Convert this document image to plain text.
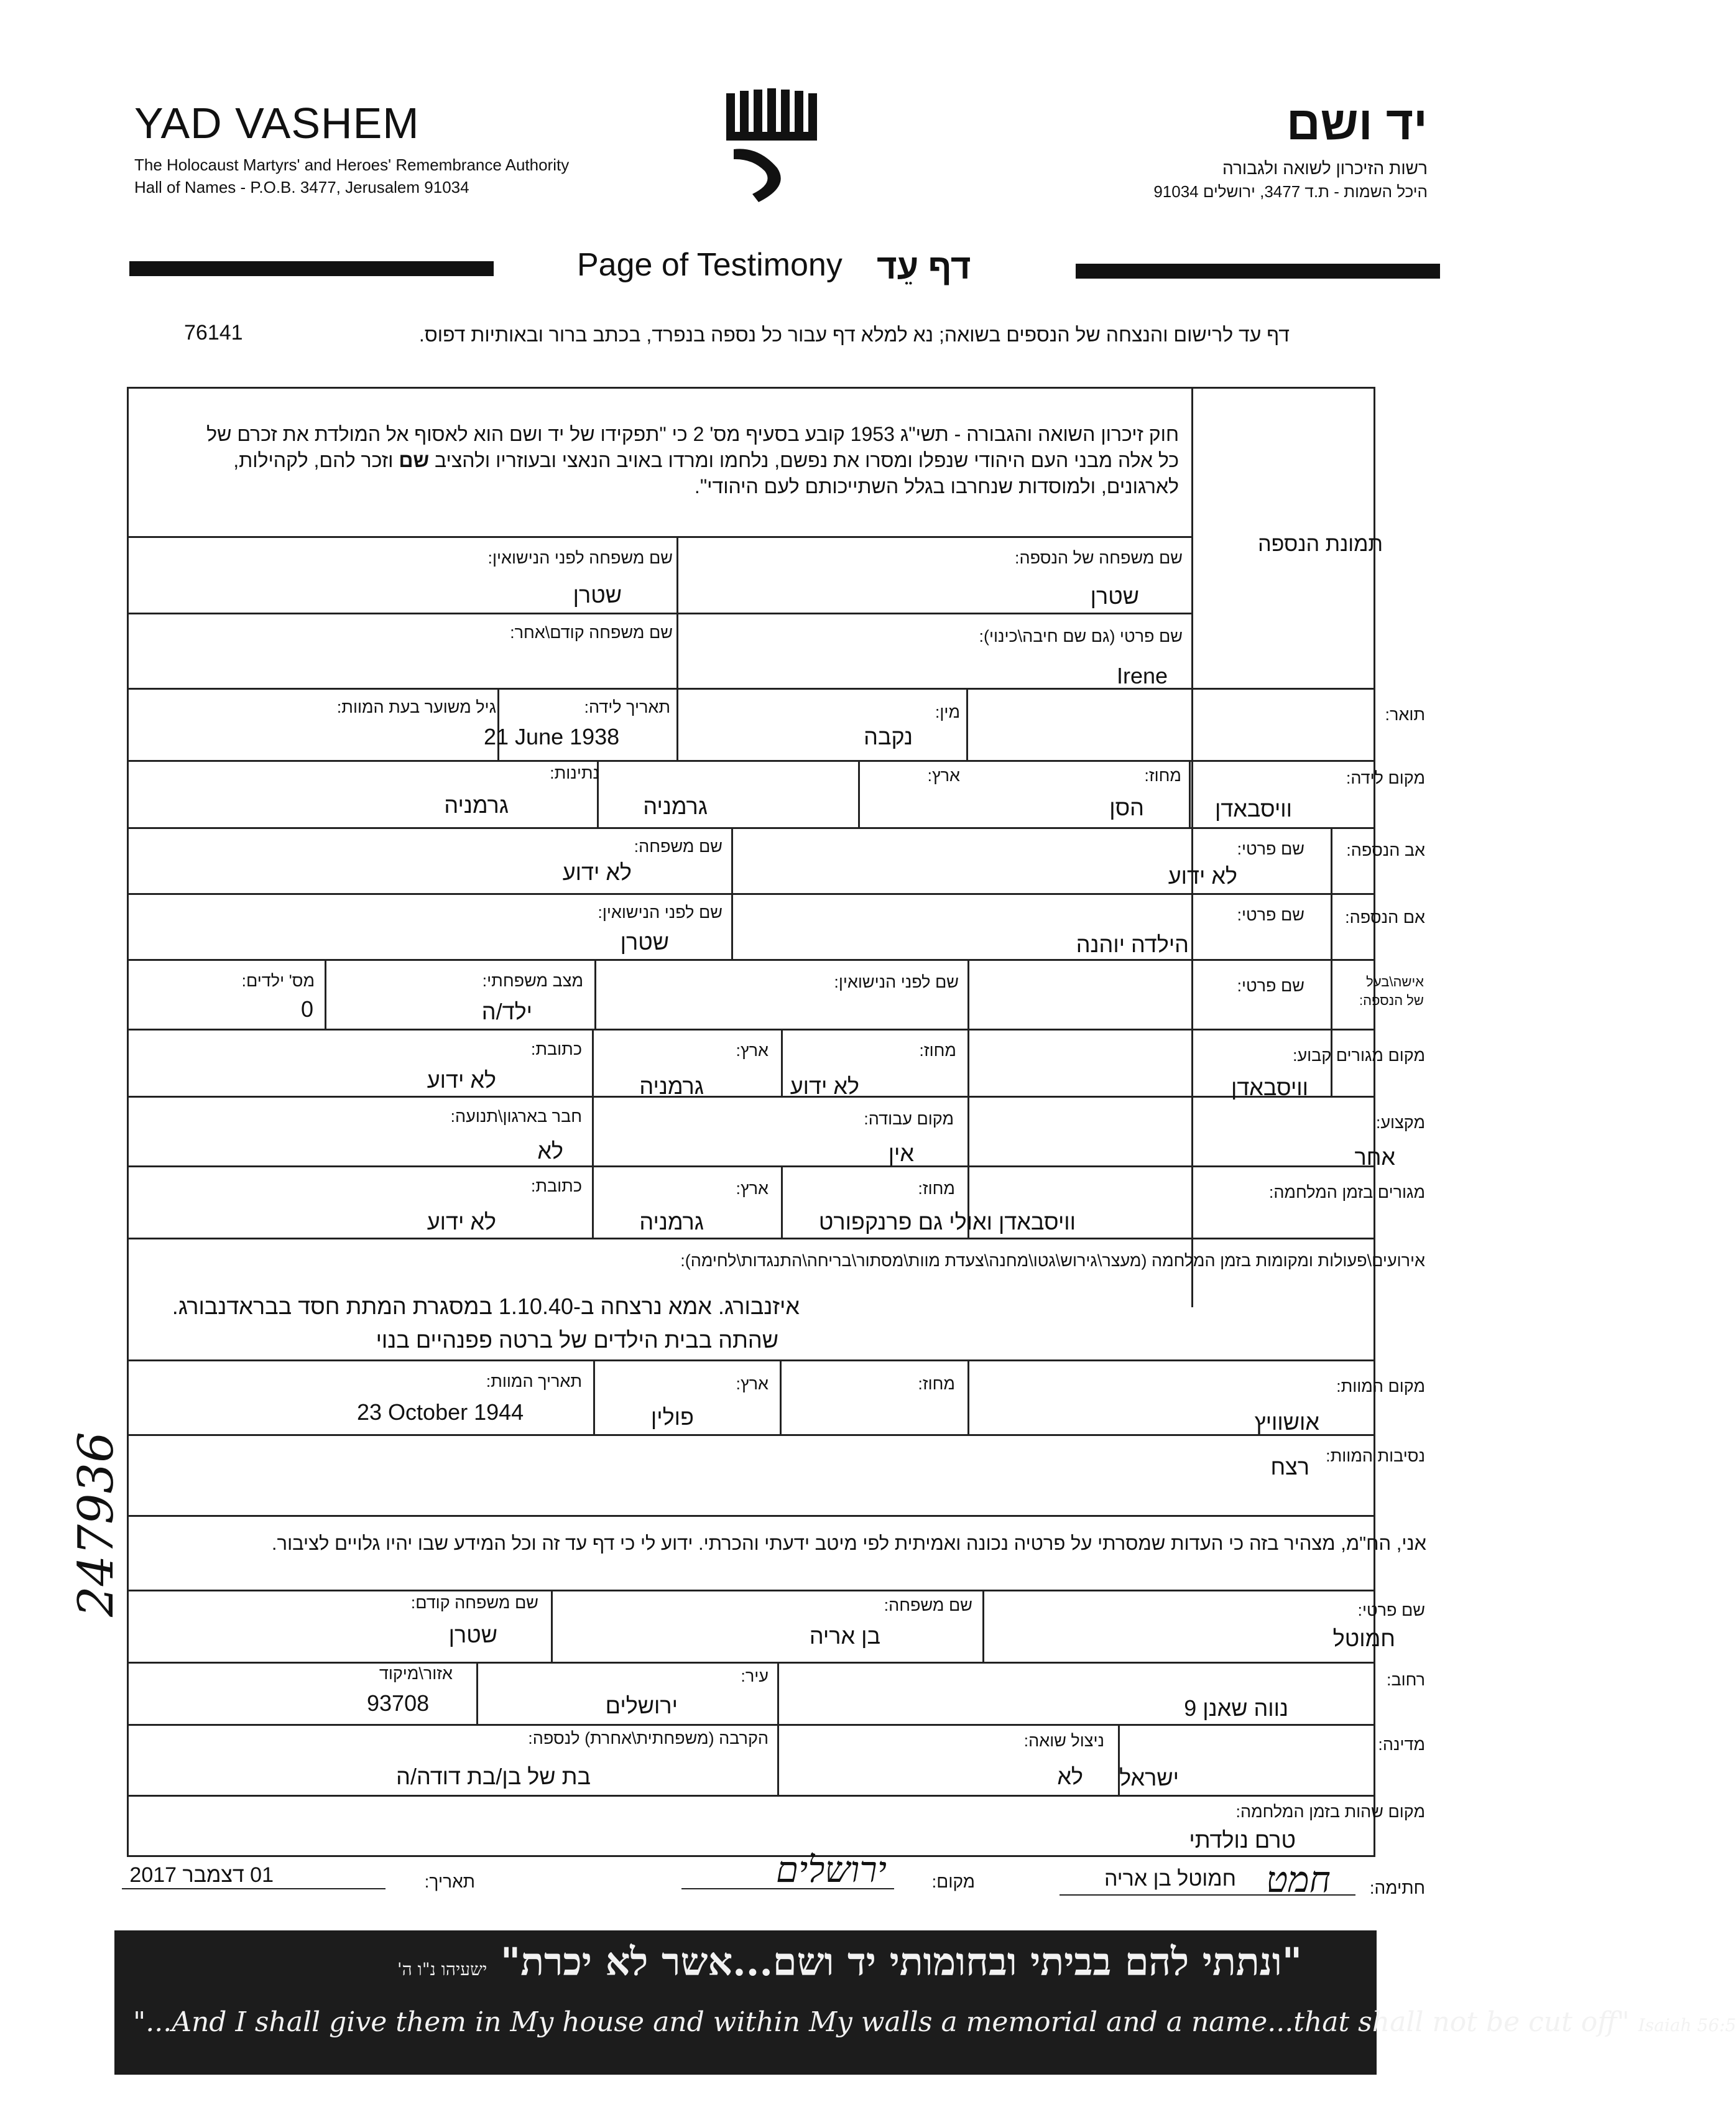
YAD VASHEM
The Holocaust Martyrs' and Heroes' Remembrance Authority
Hall of Names - P.O.B. 3477, Jerusalem 91034
יד ושם
רשות הזיכרון לשואה ולגבורה
היכל השמות - ת.ד 3477, ירושלים 91034
Page of Testimony דף עֵד
דף עד לרישום והנצחה של הנספים בשואה; נא למלא דף עבור כל נספה בנפרד, בכתב ברור ובאותיות דפוס.
76141
חוק זיכרון השואה והגבורה - תשי"ג 1953 קובע בסעיף מס' 2 כי "תפקידו של יד ושם הוא לאסוף אל המולדת את זכרם של
כל אלה מבני העם היהודי שנפלו ומסרו את נפשם, נלחמו ומרדו באויב הנאצי ובעוזריו ולהציב שם וזכר להם, לקהילות,
לארגונים, ולמוסדות שנחרבו בגלל השתייכותם לעם היהודי".
תמונת הנספה
שם משפחה של הנספה:
שטרן
שם משפחה לפני הנישואין:
שטרן
שם פרטי (גם שם חיבה\כינוי):
Irene
שם משפחה קודם\אחר:
תואר:
מין:
נקבה
תאריך לידה:
21 June 1938
גיל משוער בעת המוות:
מקום לידה:
וויסבאדן
מחוז:
הסן
ארץ:
גרמניה
נתינות:
גרמניה
אב הנספה:
שם פרטי:
לא ידוע
שם משפחה:
לא ידוע
אם הנספה:
שם פרטי:
הילדה יוהנה
שם לפני הנישואין:
שטרן
אישה\בעל
של הנספה:
שם פרטי:
שם לפני הנישואין:
מצב משפחתי:
ילד/ה
מס' ילדים:
0
מקום מגורים קבוע:
וויסבאדן
מחוז:
לא ידוע
ארץ:
גרמניה
כתובת:
לא ידוע
מקצוע:
אחר
מקום עבודה:
אין
חבר בארגון\תנועה:
לא
מגורים בזמן המלחמה:
וויסבאדן ואולי גם פרנקפורט
מחוז:
ארץ:
גרמניה
כתובת:
לא ידוע
אירועים\פעולות ומקומות בזמן המלחמה (מעצר\גירוש\גטו\מחנה\צעדת מוות\מסתור\בריחה\התנגדות\לחימה):
איזנבורג. אמא נרצחה ב-1.10.40 במסגרת המתת חסד בבראדנבורג.
שהתה בבית הילדים של ברטה פפנהיים בנוי
מקום המוות:
אושוויץ
מחוז:
ארץ:
פולין
תאריך המוות:
23 October 1944
נסיבות המוות:
רצח
אני, הח"מ, מצהיר בזה כי העדות שמסרתי על פרטיה נכונה ואמיתית לפי מיטב ידעתי והכרתי. ידוע לי כי דף עד זה וכל המידע שבו יהיו גלויים לציבור.
שם פרטי:
חמוטל
שם משפחה:
בן אריה
שם משפחה קודם:
שטרן
רחוב:
נווה שאנן 9
עיר:
ירושלים
אזור\מיקוד
93708
מדינה:
ישראל
ניצול שואה:
לא
הקרבה (משפחתית\אחרת) לנספה:
בת של בן/בת דודה/ה
מקום שהות בזמן המלחמה:
טרם נולדתי
חתימה:
חמט
חמוטל בן אריה
מקום:
ירושלים
תאריך:
01 דצמבר 2017
247936
"ונתתי להם בביתי ובחומותי יד ושם...אשר לא יכרת" ישעיהו נ"ו ה'
"...And I shall give them in My house and within My walls a memorial and a name...that shall not be cut off" Isaiah 56:5
